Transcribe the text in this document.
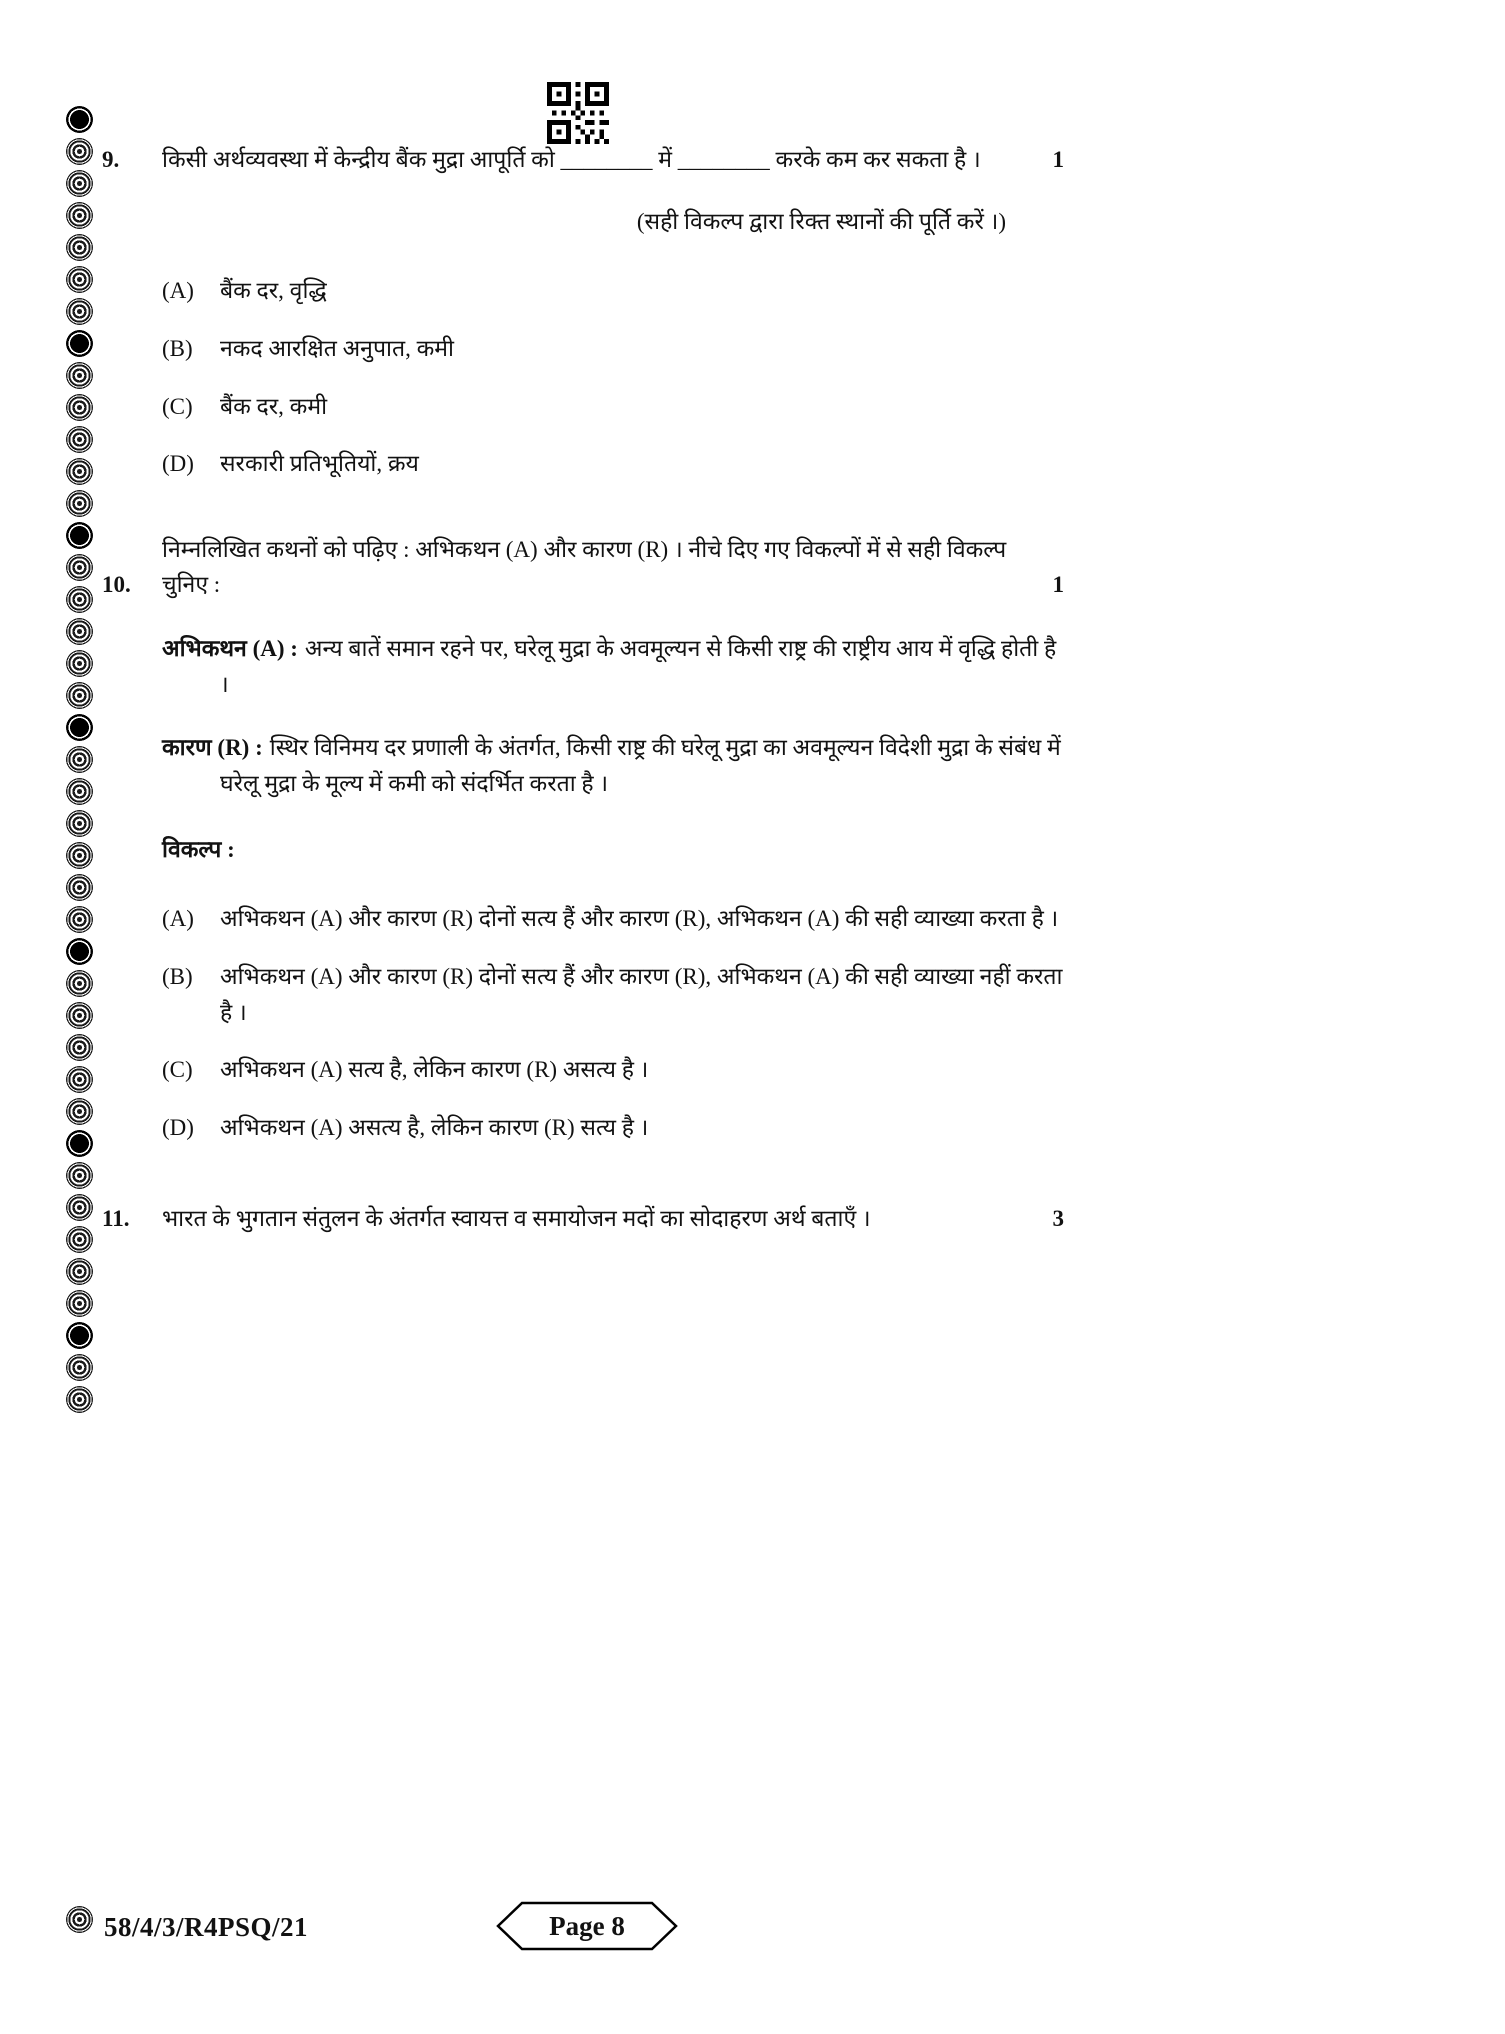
9.	किसी अर्थव्यवस्था में केन्द्रीय बैंक मुद्रा आपूर्ति को ________ में ________ करके कम कर सकता है ।	1
(सही विकल्प द्वारा रिक्त स्थानों की पूर्ति करें ।)
(A)	बैंक दर, वृद्धि
(B)	नकद आरक्षित अनुपात, कमी
(C)	बैंक दर, कमी
(D)	सरकारी प्रतिभूतियों, क्रय
10.
निम्नलिखित कथनों को पढ़िए : अभिकथन (A) और कारण (R) । नीचे दिए गए विकल्पों में से सही विकल्प चुनिए :	1
अभिकथन (A) : अन्य बातें समान रहने पर, घरेलू मुद्रा के अवमूल्यन से किसी राष्ट्र की राष्ट्रीय आय में वृद्धि होती है ।
कारण (R) : स्थिर विनिमय दर प्रणाली के अंतर्गत, किसी राष्ट्र की घरेलू मुद्रा का अवमूल्यन विदेशी मुद्रा के संबंध में घरेलू मुद्रा के मूल्य में कमी को संदर्भित करता है ।
विकल्प :
(A)	अभिकथन (A) और कारण (R) दोनों सत्य हैं और कारण (R), अभिकथन (A) की सही व्याख्या करता है ।
(B)	अभिकथन (A) और कारण (R) दोनों सत्य हैं और कारण (R), अभिकथन (A) की सही व्याख्या नहीं करता है ।
(C)	अभिकथन (A) सत्य है, लेकिन कारण (R) असत्य है ।
(D)	अभिकथन (A) असत्य है, लेकिन कारण (R) सत्य है ।
11.	भारत के भुगतान संतुलन के अंतर्गत स्वायत्त व समायोजन मदों का सोदाहरण अर्थ बताएँ ।	3
58/4/3/R4PSQ/21	Page 8
